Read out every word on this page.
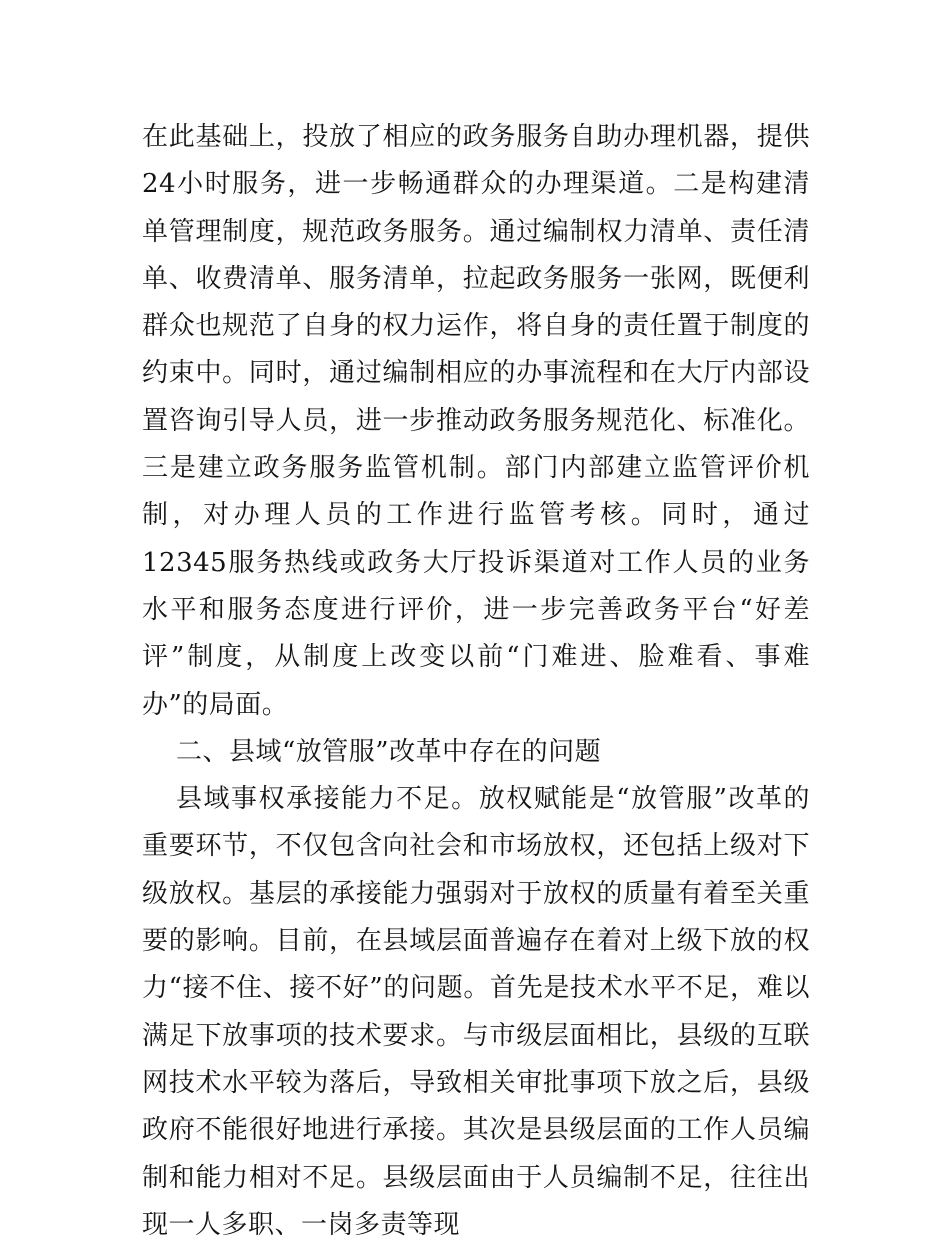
在此基础上，投放了相应的政务服务自助办理机器，提供24小时服务，进一步畅通群众的办理渠道。二是构建清单管理制度，规范政务服务。通过编制权力清单、责任清单、收费清单、服务清单，拉起政务服务一张网，既便利群众也规范了自身的权力运作，将自身的责任置于制度的约束中。同时，通过编制相应的办事流程和在大厅内部设置咨询引导人员，进一步推动政务服务规范化、标准化。三是建立政务服务监管机制。部门内部建立监管评价机制，对办理人员的工作进行监管考核。同时，通过12345服务热线或政务大厅投诉渠道对工作人员的业务水平和服务态度进行评价，进一步完善政务平台“好差评”制度，从制度上改变以前“门难进、脸难看、事难办”的局面。

二、县域“放管服”改革中存在的问题

县域事权承接能力不足。放权赋能是“放管服”改革的重要环节，不仅包含向社会和市场放权，还包括上级对下级放权。基层的承接能力强弱对于放权的质量有着至关重要的影响。目前，在县域层面普遍存在着对上级下放的权力“接不住、接不好”的问题。首先是技术水平不足，难以满足下放事项的技术要求。与市级层面相比，县级的互联网技术水平较为落后，导致相关审批事项下放之后，县级政府不能很好地进行承接。其次是县级层面的工作人员编制和能力相对不足。县级层面由于人员编制不足，往往出现一人多职、一岗多责等现
